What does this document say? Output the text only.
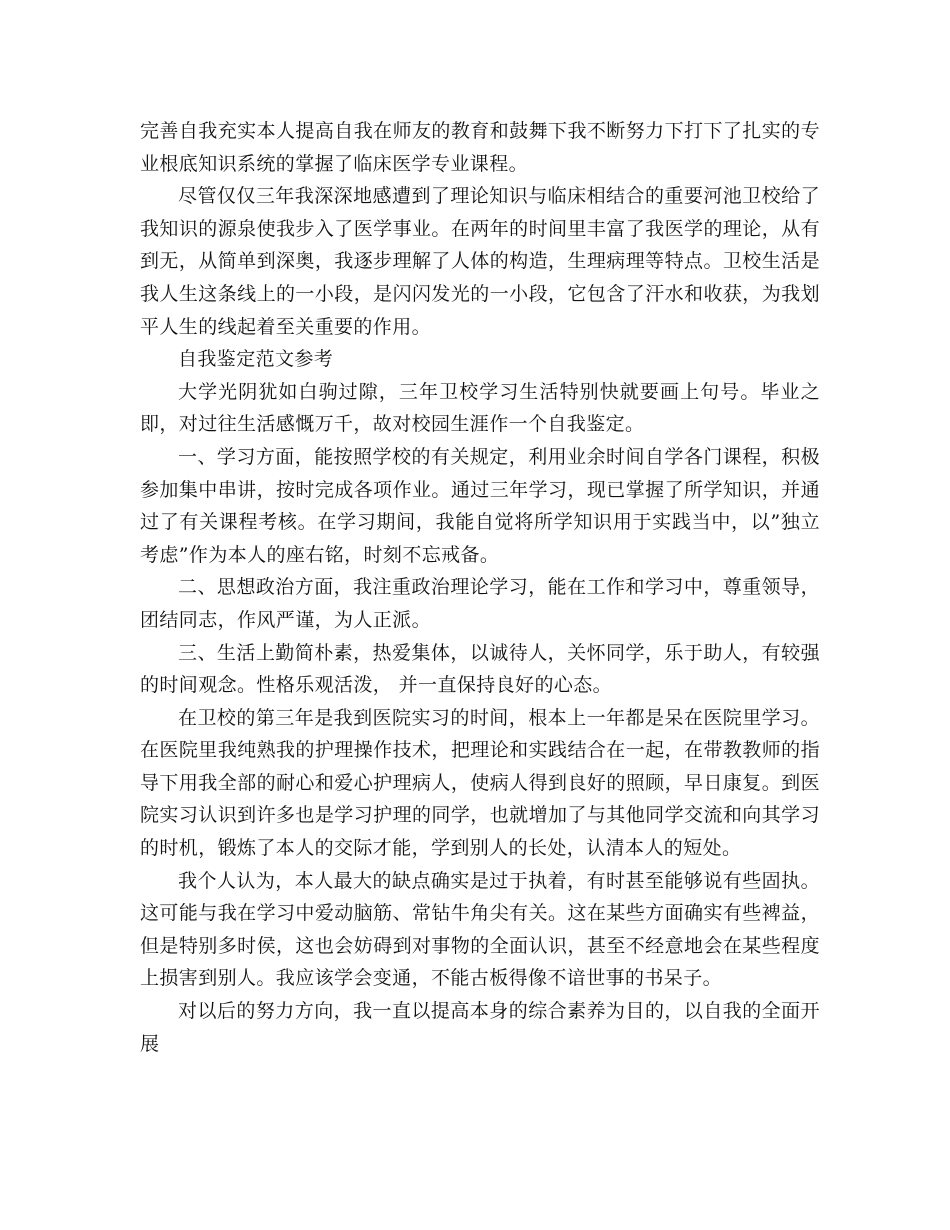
完善自我充实本人提高自我在师友的教育和鼓舞下我不断努力下打下了扎实的专业根底知识系统的掌握了临床医学专业课程。

尽管仅仅三年我深深地感遭到了理论知识与临床相结合的重要河池卫校给了我知识的源泉使我步入了医学事业。在两年的时间里丰富了我医学的理论，从有到无，从简单到深奥，我逐步理解了人体的构造，生理病理等特点。卫校生活是我人生这条线上的一小段，是闪闪发光的一小段，它包含了汗水和收获，为我划平人生的线起着至关重要的作用。

自我鉴定范文参考

大学光阴犹如白驹过隙，三年卫校学习生活特别快就要画上句号。毕业之即，对过往生活感慨万千，故对校园生涯作一个自我鉴定。

一、学习方面，能按照学校的有关规定，利用业余时间自学各门课程，积极参加集中串讲，按时完成各项作业。通过三年学习，现已掌握了所学知识，并通过了有关课程考核。在学习期间，我能自觉将所学知识用于实践当中，以”独立考虑”作为本人的座右铭，时刻不忘戒备。

二、思想政治方面，我注重政治理论学习，能在工作和学习中，尊重领导，团结同志，作风严谨，为人正派。

三、生活上勤简朴素，热爱集体，以诚待人，关怀同学，乐于助人，有较强的时间观念。性格乐观活泼， 并一直保持良好的心态。

在卫校的第三年是我到医院实习的时间，根本上一年都是呆在医院里学习。在医院里我纯熟我的护理操作技术，把理论和实践结合在一起，在带教教师的指导下用我全部的耐心和爱心护理病人，使病人得到良好的照顾，早日康复。到医院实习认识到许多也是学习护理的同学，也就增加了与其他同学交流和向其学习的时机，锻炼了本人的交际才能，学到别人的长处，认清本人的短处。

我个人认为，本人最大的缺点确实是过于执着，有时甚至能够说有些固执。这可能与我在学习中爱动脑筋、常钻牛角尖有关。这在某些方面确实有些裨益，但是特别多时侯，这也会妨碍到对事物的全面认识，甚至不经意地会在某些程度上损害到别人。我应该学会变通，不能古板得像不谙世事的书呆子。

对以后的努力方向，我一直以提高本身的综合素养为目的，以自我的全面开展
